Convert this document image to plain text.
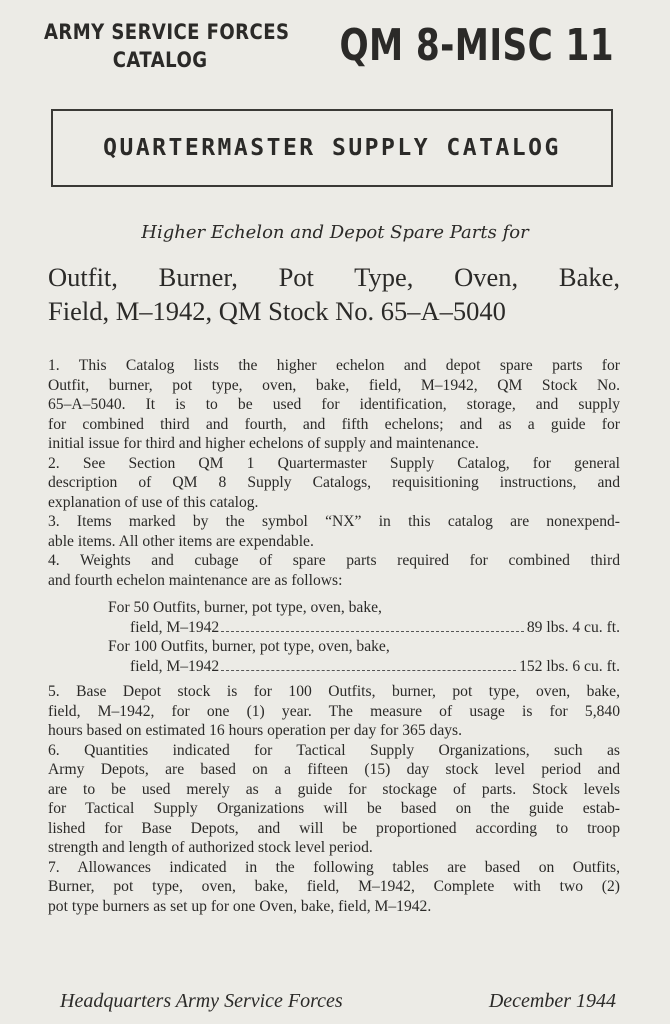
ARMY SERVICE FORCES
CATALOG	QM 8-MISC 11
QUARTERMASTER SUPPLY CATALOG
Higher Echelon and Depot Spare Parts for
Outfit, Burner, Pot Type, Oven, Bake,
Field, M–1942, QM Stock No. 65–A–5040
1. This Catalog lists the higher echelon and depot spare parts for
Outfit, burner, pot type, oven, bake, field, M–1942, QM Stock No.
65–A–5040. It is to be used for identification, storage, and supply
for combined third and fourth, and fifth echelons; and as a guide for
initial issue for third and higher echelons of supply and maintenance.
2. See Section QM 1 Quartermaster Supply Catalog, for general
description of QM 8 Supply Catalogs, requisitioning instructions, and
explanation of use of this catalog.
3. Items marked by the symbol “NX” in this catalog are nonexpend-
able items. All other items are expendable.
4. Weights and cubage of spare parts required for combined third
and fourth echelon maintenance are as follows:
For 50 Outfits, burner, pot type, oven, bake,
field, M–1942	89 lbs. 4 cu. ft.
For 100 Outfits, burner, pot type, oven, bake,
field, M–1942	152 lbs. 6 cu. ft.
5. Base Depot stock is for 100 Outfits, burner, pot type, oven, bake,
field, M–1942, for one (1) year. The measure of usage is for 5,840
hours based on estimated 16 hours operation per day for 365 days.
6. Quantities indicated for Tactical Supply Organizations, such as
Army Depots, are based on a fifteen (15) day stock level period and
are to be used merely as a guide for stockage of parts. Stock levels
for Tactical Supply Organizations will be based on the guide estab-
lished for Base Depots, and will be proportioned according to troop
strength and length of authorized stock level period.
7. Allowances indicated in the following tables are based on Outfits,
Burner, pot type, oven, bake, field, M–1942, Complete with two (2)
pot type burners as set up for one Oven, bake, field, M–1942.
Headquarters Army Service Forces	December 1944
